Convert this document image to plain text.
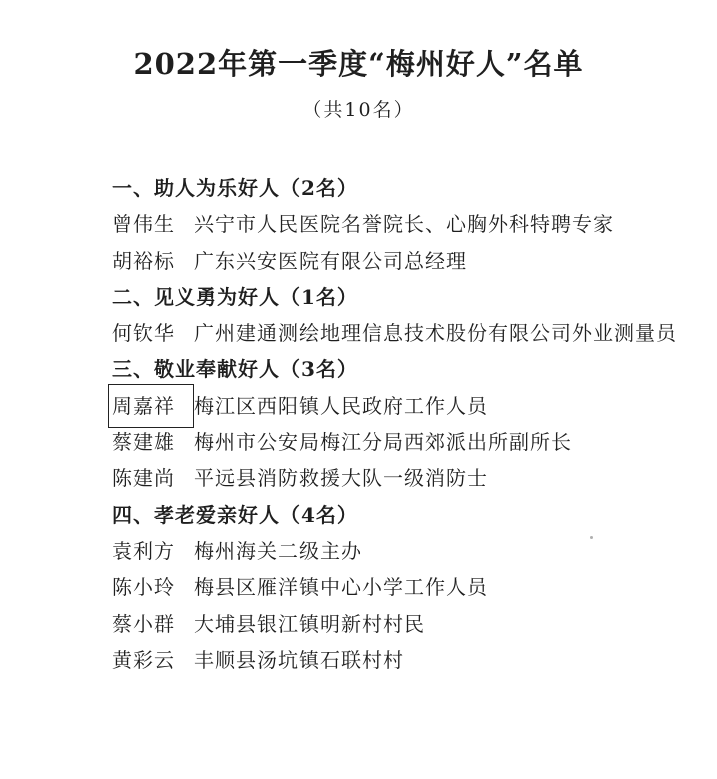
2022年第一季度“梅州好人”名单
（共10名）
一、助人为乐好人（2名）
曾伟生 兴宁市人民医院名誉院长、心胸外科特聘专家
胡裕标 广东兴安医院有限公司总经理
二、见义勇为好人（1名）
何钦华 广州建通测绘地理信息技术股份有限公司外业测量员
三、敬业奉献好人（3名）
周嘉祥 梅江区西阳镇人民政府工作人员
蔡建雄 梅州市公安局梅江分局西郊派出所副所长
陈建尚 平远县消防救援大队一级消防士
四、孝老爱亲好人（4名）
袁利方 梅州海关二级主办
陈小玲 梅县区雁洋镇中心小学工作人员
蔡小群 大埔县银江镇明新村村民
黄彩云 丰顺县汤坑镇石联村村
